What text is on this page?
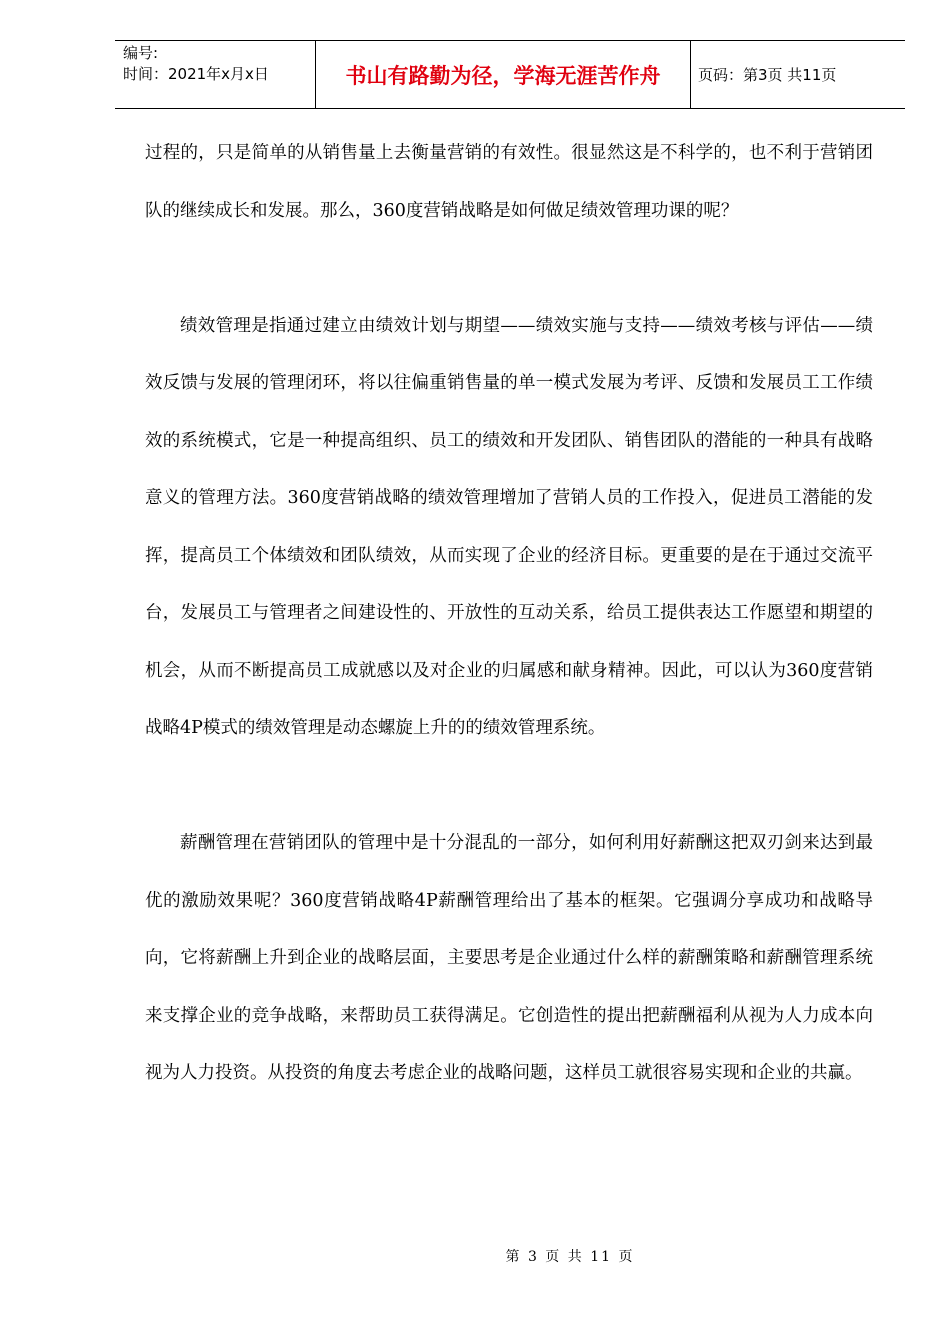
编号:
时间：2021年x月x日	书山有路勤为径，学海无涯苦作舟	页码：第3页 共11页

过程的，只是简单的从销售量上去衡量营销的有效性。很显然这是不科学的，也不利于营销团队的继续成长和发展。那么，360度营销战略是如何做足绩效管理功课的呢？

绩效管理是指通过建立由绩效计划与期望——绩效实施与支持——绩效考核与评估——绩效反馈与发展的管理闭环，将以往偏重销售量的单一模式发展为考评、反馈和发展员工工作绩效的系统模式，它是一种提高组织、员工的绩效和开发团队、销售团队的潜能的一种具有战略意义的管理方法。360度营销战略的绩效管理增加了营销人员的工作投入，促进员工潜能的发挥，提高员工个体绩效和团队绩效，从而实现了企业的经济目标。更重要的是在于通过交流平台，发展员工与管理者之间建设性的、开放性的互动关系，给员工提供表达工作愿望和期望的机会，从而不断提高员工成就感以及对企业的归属感和献身精神。因此，可以认为360度营销战略4P模式的绩效管理是动态螺旋上升的的绩效管理系统。

薪酬管理在营销团队的管理中是十分混乱的一部分，如何利用好薪酬这把双刃剑来达到最优的激励效果呢？360度营销战略4P薪酬管理给出了基本的框架。它强调分享成功和战略导向，它将薪酬上升到企业的战略层面，主要思考是企业通过什么样的薪酬策略和薪酬管理系统来支撑企业的竞争战略，来帮助员工获得满足。它创造性的提出把薪酬福利从视为人力成本向视为人力投资。从投资的角度去考虑企业的战略问题，这样员工就很容易实现和企业的共赢。

第 3 页 共 11 页
